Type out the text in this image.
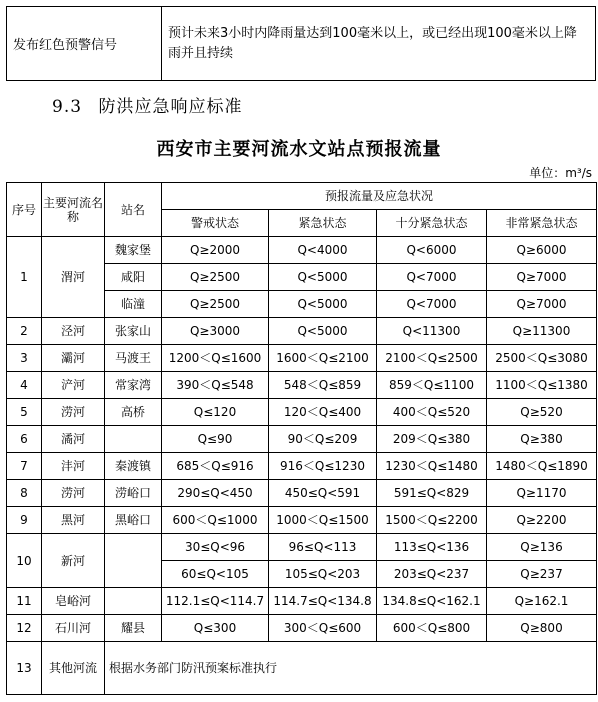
发布红色预警信号	预计未来3小时内降雨量达到100毫米以上，或已经出现100毫米以上降雨并且持续
9.3 防洪应急响应标准
西安市主要河流水文站点预报流量
单位：m³/s
序号	主要河流名称	站名	预报流量及应急状况			
			警戒状态	紧急状态	十分紧急状态	非常紧急状态
1	渭河	魏家堡	Q≥2000	Q<4000	Q<6000	Q≥6000
		咸阳	Q≥2500	Q<5000	Q<7000	Q≥7000
		临潼	Q≥2500	Q<5000	Q<7000	Q≥7000
2	泾河	张家山	Q≥3000	Q<5000	Q<11300	Q≥11300
3	灞河	马渡王	1200＜Q≤1600	1600＜Q≤2100	2100＜Q≤2500	2500＜Q≤3080
4	浐河	常家湾	390＜Q≤548	548＜Q≤859	859＜Q≤1100	1100＜Q≤1380
5	涝河	高桥	Q≤120	120＜Q≤400	400＜Q≤520	Q≥520
6	潏河		Q≤90	90＜Q≤209	209＜Q≤380	Q≥380
7	沣河	秦渡镇	685＜Q≤916	916＜Q≤1230	1230＜Q≤1480	1480＜Q≤1890
8	涝河	涝峪口	290≤Q<450	450≤Q<591	591≤Q<829	Q≥1170
9	黑河	黑峪口	600＜Q≤1000	1000＜Q≤1500	1500＜Q≤2200	Q≥2200
10	新河		30≤Q<96	96≤Q<113	113≤Q<136	Q≥136
			60≤Q<105	105≤Q<203	203≤Q<237	Q≥237
11	皂峪河		112.1≤Q<114.7	114.7≤Q<134.8	134.8≤Q<162.1	Q≥162.1
12	石川河	耀县	Q≤300	300＜Q≤600	600＜Q≤800	Q≥800
13	其他河流	根据水务部门防汛预案标准执行				
